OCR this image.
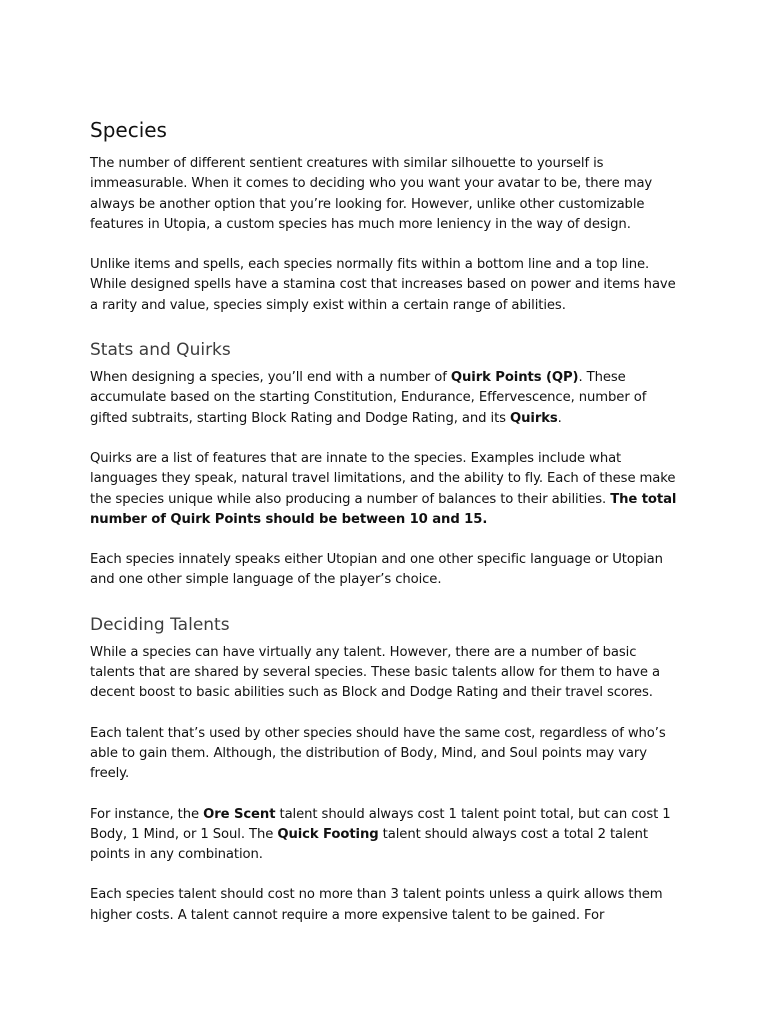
Species

The number of different sentient creatures with similar silhouette to yourself is immeasurable. When it comes to deciding who you want your avatar to be, there may always be another option that you’re looking for. However, unlike other customizable features in Utopia, a custom species has much more leniency in the way of design.

Unlike items and spells, each species normally fits within a bottom line and a top line. While designed spells have a stamina cost that increases based on power and items have a rarity and value, species simply exist within a certain range of abilities.

Stats and Quirks

When designing a species, you’ll end with a number of Quirk Points (QP). These accumulate based on the starting Constitution, Endurance, Effervescence, number of gifted subtraits, starting Block Rating and Dodge Rating, and its Quirks.

Quirks are a list of features that are innate to the species. Examples include what languages they speak, natural travel limitations, and the ability to fly. Each of these make the species unique while also producing a number of balances to their abilities. The total number of Quirk Points should be between 10 and 15.

Each species innately speaks either Utopian and one other specific language or Utopian and one other simple language of the player’s choice.

Deciding Talents

While a species can have virtually any talent. However, there are a number of basic talents that are shared by several species. These basic talents allow for them to have a decent boost to basic abilities such as Block and Dodge Rating and their travel scores.

Each talent that’s used by other species should have the same cost, regardless of who’s able to gain them. Although, the distribution of Body, Mind, and Soul points may vary freely.

For instance, the Ore Scent talent should always cost 1 talent point total, but can cost 1 Body, 1 Mind, or 1 Soul. The Quick Footing talent should always cost a total 2 talent points in any combination.

Each species talent should cost no more than 3 talent points unless a quirk allows them higher costs. A talent cannot require a more expensive talent to be gained. For
